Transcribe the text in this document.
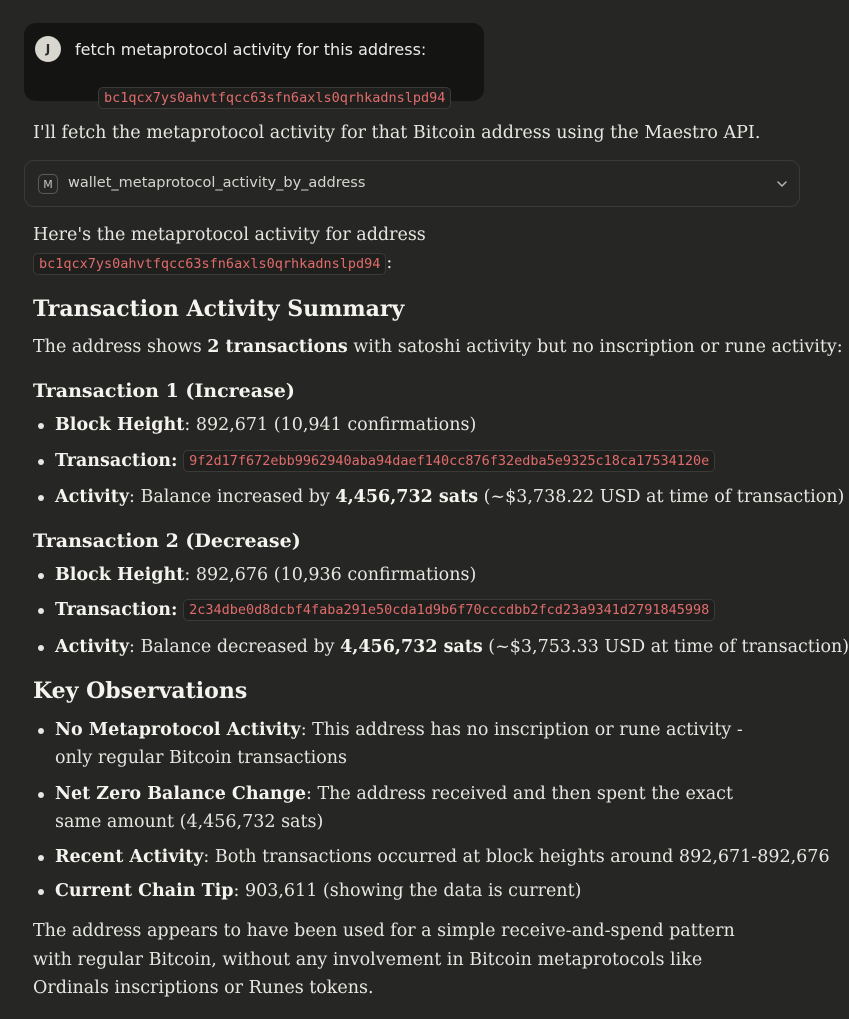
J	fetch metaprotocol activity for this address:
bc1qcx7ys0ahvtfqcc63sfn6axls0qrhkadnslpd94
I'll fetch the metaprotocol activity for that Bitcoin address using the Maestro API.
M	wallet_metaprotocol_activity_by_address
Here's the metaprotocol activity for address
bc1qcx7ys0ahvtfqcc63sfn6axls0qrhkadnslpd94 :
Transaction Activity Summary
The address shows 2 transactions with satoshi activity but no inscription or rune activity:
Transaction 1 (Increase)
Block Height: 892,671 (10,941 confirmations)
Transaction: 9f2d17f672ebb9962940aba94daef140cc876f32edba5e9325c18ca17534120e
Activity: Balance increased by 4,456,732 sats (~$3,738.22 USD at time of transaction)
Transaction 2 (Decrease)
Block Height: 892,676 (10,936 confirmations)
Transaction: 2c34dbe0d8dcbf4faba291e50cda1d9b6f70cccdbb2fcd23a9341d2791845998
Activity: Balance decreased by 4,456,732 sats (~$3,753.33 USD at time of transaction)
Key Observations
No Metaprotocol Activity: This address has no inscription or rune activity - only regular Bitcoin transactions
Net Zero Balance Change: The address received and then spent the exact same amount (4,456,732 sats)
Recent Activity: Both transactions occurred at block heights around 892,671-892,676
Current Chain Tip: 903,611 (showing the data is current)
The address appears to have been used for a simple receive-and-spend pattern with regular Bitcoin, without any involvement in Bitcoin metaprotocols like Ordinals inscriptions or Runes tokens.
